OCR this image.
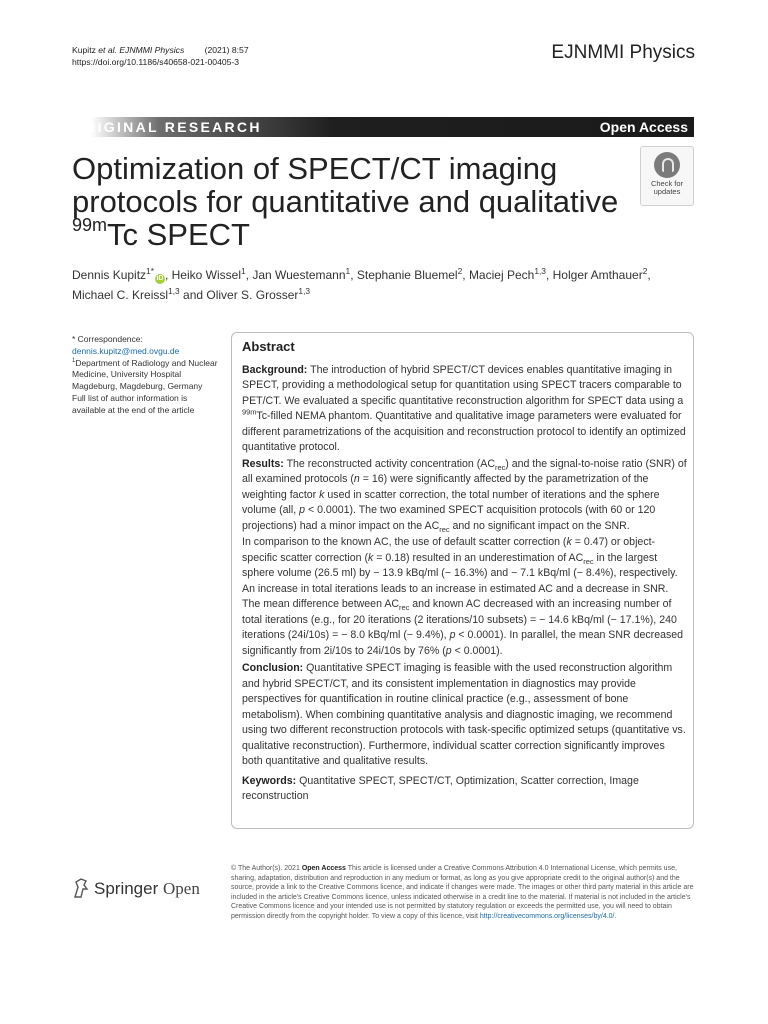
Kupitz et al. EJNMMI Physics (2021) 8:57
https://doi.org/10.1186/s40658-021-00405-3	EJNMMI Physics
ORIGINAL RESEARCH	Open Access
Optimization of SPECT/CT imaging
protocols for quantitative and qualitative
$^{99m}$Tc SPECT
Check for
updates
Dennis Kupitz$^{1*}$iD , Heiko Wissel$^1$, Jan Wuestemann$^1$, Stephanie Bluemel$^2$, Maciej Pech$^{1,3}$, Holger Amthauer$^2$,
Michael C. Kreissl$^{1,3}$ and Oliver S. Grosser$^{1,3}$
* Correspondence: dennis.kupitz@med.ovgu.de
$^1$Department of Radiology and Nuclear Medicine, University Hospital Magdeburg, Magdeburg, Germany
Full list of author information is available at the end of the article
Abstract

Background: The introduction of hybrid SPECT/CT devices enables quantitative imaging in SPECT, providing a methodological setup for quantitation using SPECT tracers comparable to PET/CT. We evaluated a specific quantitative reconstruction algorithm for SPECT data using a $^{99m}$Tc-filled NEMA phantom. Quantitative and qualitative image parameters were evaluated for different parametrizations of the acquisition and reconstruction protocol to identify an optimized quantitative protocol.

Results: The reconstructed activity concentration $(AC_{rec})$ and the signal-to-noise ratio (SNR) of all examined protocols (n = 16) were significantly affected by the parametrization of the weighting factor k used in scatter correction, the total number of iterations and the sphere volume (all, p < 0.0001). The two examined SPECT acquisition protocols (with 60 or 120 projections) had a minor impact on the $AC_{rec}$ and no significant impact on the SNR.

In comparison to the known AC, the use of default scatter correction (k = 0.47) or object-specific scatter correction (k = 0.18) resulted in an underestimation of $AC_{rec}$ in the largest sphere volume (26.5 ml) by − 13.9 kBq/ml (− 16.3%) and − 7.1 kBq/ml (− 8.4%), respectively. An increase in total iterations leads to an increase in estimated AC and a decrease in SNR. The mean difference between $AC_{rec}$ and known AC decreased with an increasing number of total iterations (e.g., for 20 iterations (2 iterations/10 subsets) = − 14.6 kBq/ml (− 17.1%), 240 iterations (24i/10s) = − 8.0 kBq/ml (− 9.4%), p < 0.0001). In parallel, the mean SNR decreased significantly from 2i/10s to 24i/10s by 76% (p < 0.0001).

Conclusion: Quantitative SPECT imaging is feasible with the used reconstruction algorithm and hybrid SPECT/CT, and its consistent implementation in diagnostics may provide perspectives for quantification in routine clinical practice (e.g., assessment of bone metabolism). When combining quantitative analysis and diagnostic imaging, we recommend using two different reconstruction protocols with task-specific optimized setups (quantitative vs. qualitative reconstruction). Furthermore, individual scatter correction significantly improves both quantitative and qualitative results.

Keywords: Quantitative SPECT, SPECT/CT, Optimization, Scatter correction, Image reconstruction

Springer Open
© The Author(s). 2021 Open Access This article is licensed under a Creative Commons Attribution 4.0 International License, which permits use, sharing, adaptation, distribution and reproduction in any medium or format, as long as you give appropriate credit to the original author(s) and the source, provide a link to the Creative Commons licence, and indicate if changes were made. The images or other third party material in this article are included in the article's Creative Commons licence, unless indicated otherwise in a credit line to the material. If material is not included in the article's Creative Commons licence and your intended use is not permitted by statutory regulation or exceeds the permitted use, you will need to obtain permission directly from the copyright holder. To view a copy of this licence, visit http://creativecommons.org/licenses/by/4.0/.
